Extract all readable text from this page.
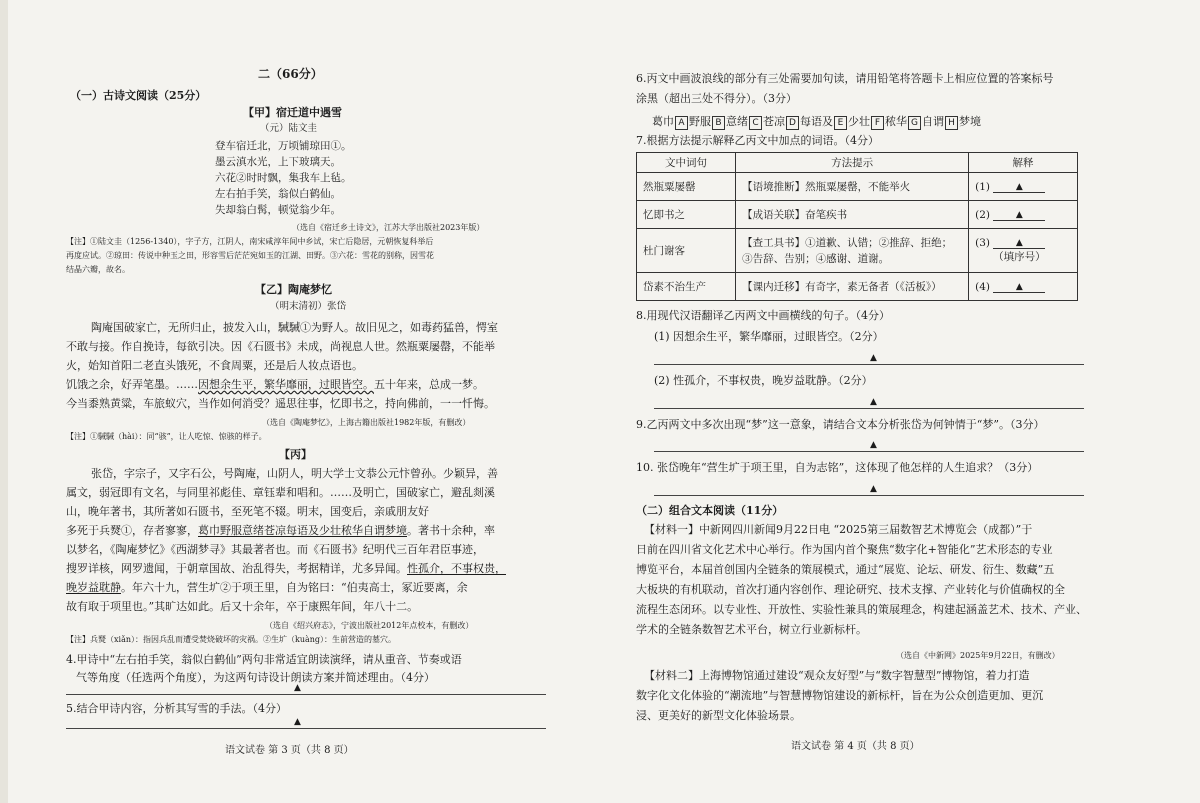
二（66分）
（一）古诗文阅读（25分）
【甲】宿迁道中遇雪
（元）陆文圭
登车宿迁北，万顷铺琼田①。
墨云滇水光，上下玻璃天。
六花②时时飘，集我车上毡。
左右拍手笑，翁似白鹤仙。
失却翁白髯，顿觉翁少年。
（选自《宿迁乡土诗文》，江苏大学出版社2023年版）
【注】①陆文圭（1256-1340），字子方，江阴人，南宋咸淳年间中乡试，宋亡后隐居，元朝恢复科举后
再度应试。②琼田：传说中种玉之田，形容雪后茫茫宛如玉的江湖、田野。③六花：雪花的别称，因雪花
结晶六瓣，故名。
【乙】陶庵梦忆
（明末清初）张岱
陶庵国破家亡，无所归止，披发入山，駴駴①为野人。故旧见之，如毒药猛兽，愕室
不敢与接。作自挽诗，每欲引决。因《石匮书》未成，尚视息人世。然瓶粟屡罄，不能举
火，始知首阳二老直头饿死，不食周粟，还是后人妆点语也。
饥饿之余，好弄笔墨。……因想余生平，繁华靡丽，过眼皆空。五十年来，总成一梦。
今当黍熟黄粱，车旅蚁穴，当作如何消受？遥思往事，忆即书之，持向佛前，一一忏悔。
（选自《陶庵梦忆》，上海古籍出版社1982年版，有删改）
【注】①駴駴（hài）：同“骇”，让人吃惊、惊骇的样子。
【丙】
张岱，字宗子，又字石公，号陶庵，山阴人，明大学士文恭公元忭曾孙。少颖异，善
属文，弱冠即有文名，与同里祁彪佳、章钰辈和唱和。……及明亡，国破家亡，避乱剡溪
山，晚年著书，其所著如石匮书，至死笔不辍。明末，国变后，亲戚朋友好
多死于兵燹①，存者寥寥，葛巾野服意绪苍凉每语及少壮秾华自谓梦境。著书十余种，率
以梦名，《陶庵梦忆》《西湖梦寻》其最著者也。而《石匮书》纪明代三百年君臣事迹，
搜罗详核，网罗遗闻，于朝章国故、治乱得失，考据精详，尤多异闻。性孤介，不事权贵，
晚岁益耽静。年六十九，营生圹②于项王里，自为铭曰：“伯夷高士，冢近要离，余
故有取于项里也。”其旷达如此。后又十余年，卒于康熙年间，年八十二。
（选自《绍兴府志》，宁波出版社2012年点校本，有删改）
【注】兵燹（xiǎn）：指因兵乱而遭受焚烧破坏的灾祸。②生圹（kuàng）：生前营造的墓穴。
4.甲诗中“左右拍手笑，翁似白鹤仙”两句非常适宜朗读演绎，请从重音、节奏或语
气等角度（任选两个角度），为这两句诗设计朗读方案并简述理由。（4分）
▲
5.结合甲诗内容，分析其写雪的手法。（4分）
▲
语文试卷 第 3 页（共 8 页）
6.丙文中画波浪线的部分有三处需要加句读，请用铅笔将答题卡上相应位置的答案标号
涂黑（超出三处不得分）。（3分）
葛巾 A 野服 B 意绪 C 苍凉 D 每语及 E 少壮 F 秾华 G 自谓 H 梦境
7.根据方法提示解释乙丙文中加点的词语。（4分）
文中词句	方法提示	解释
然瓶粟屡罄	【语境推断】然瓶粟屡罄，不能举火	(1) ▲
忆即书之	【成语关联】奋笔疾书	(2) ▲
杜门谢客	【查工具书】①道歉、认错；②推辞、拒绝；③告辞、告别；④感谢、道谢。	(3) ▲
（填序号）
岱素不治生产	【课内迁移】有奇字，素无备者（《活板》）	(4) ▲
8.用现代汉语翻译乙丙两文中画横线的句子。（4分）
(1) 因想余生平，繁华靡丽，过眼皆空。（2分）
▲
(2) 性孤介，不事权贵，晚岁益耽静。（2分）
▲
9.乙丙两文中多次出现“梦”这一意象，请结合文本分析张岱为何钟情于“梦”。（3分）
▲
10. 张岱晚年“营生圹于项王里，自为志铭”，这体现了他怎样的人生追求？（3分）
▲
（二）组合文本阅读（11分）
【材料一】中新网四川新闻9月22日电 “2025第三届数智艺术博览会（成都）”于
日前在四川省文化艺术中心举行。作为国内首个聚焦“数字化+智能化”艺术形态的专业
博览平台，本届首创国内全链条的策展模式，通过“展览、论坛、研发、衍生、数藏”五
大板块的有机联动，首次打通内容创作、理论研究、技术支撑、产业转化与价值确权的全
流程生态闭环。以专业性、开放性、实验性兼具的策展理念，构建起涵盖艺术、技术、产业、
学术的全链条数智艺术平台，树立行业新标杆。
（选自《中新网》2025年9月22日，有删改）
【材料二】上海博物馆通过建设“观众友好型”与“数字智慧型”博物馆，着力打造
数字化文化体验的“潮流地”与智慧博物馆建设的新标杆，旨在为公众创造更加、更沉
浸、更美好的新型文化体验场景。
语文试卷 第 4 页（共 8 页）
